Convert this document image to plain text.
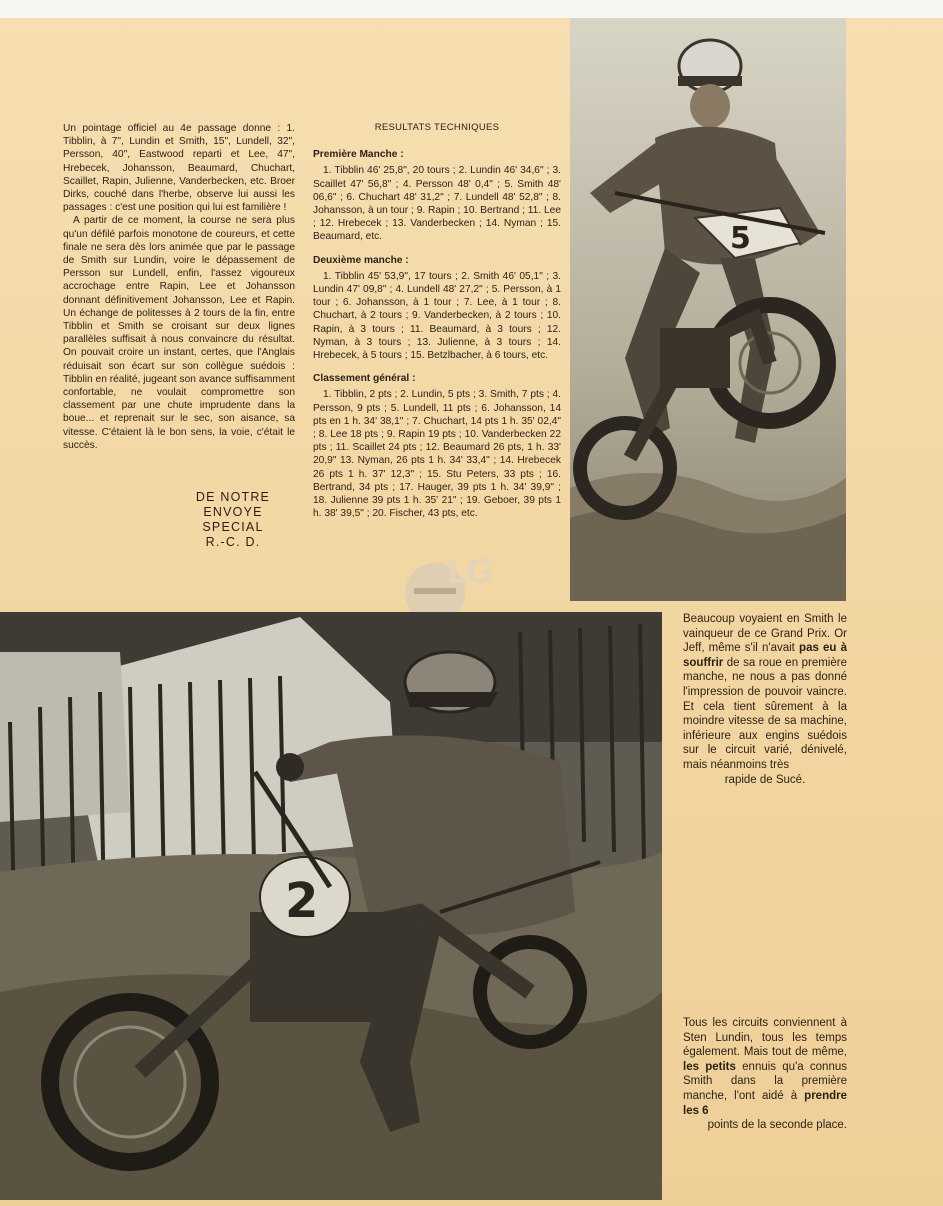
Un pointage officiel au 4e passage donne : 1. Tibblin, à 7", Lundin et Smith, 15", Lundell, 32", Persson, 40", Eastwood reparti et Lee, 47", Hrebecek, Johansson, Beaumard, Chuchart, Scaillet, Rapin, Julienne, Vanderbecken, etc. Broer Dirks, couché dans l'herbe, observe lui aussi les passages : c'est une position qui lui est familière !

A partir de ce moment, la course ne sera plus qu'un défilé parfois monotone de coureurs, et cette finale ne sera dès lors animée que par le passage de Smith sur Lundin, voire le dépassement de Persson sur Lundell, enfin, l'assez vigoureux accrochage entre Rapin, Lee et Johansson donnant définitivement Johansson, Lee et Rapin. Un échange de politesses à 2 tours de la fin, entre Tibblin et Smith se croisant sur deux lignes parallèles suffisait à nous convaincre du résultat. On pouvait croire un instant, certes, que l'Anglais réduisait son écart sur son collègue suédois : Tibblin en réalité, jugeant son avance suffisamment confortable, ne voulait compromettre son classement par une chute imprudente dans la boue... et reprenait sur le sec, son aisance, sa vitesse. C'étaient là le bon sens, la voie, c'était le succès.

DE NOTRE
ENVOYE
SPECIAL
R.-C. D.

RESULTATS TECHNIQUES

Première Manche :

1. Tibblin 46' 25,8", 20 tours ; 2. Lundin 46' 34,6" ; 3. Scaillet 47' 56,8" ; 4. Persson 48' 0,4" ; 5. Smith 48' 06,6" ; 6. Chuchart 48' 31,2" ; 7. Lundell 48' 52,8" ; 8. Johansson, à un tour ; 9. Rapin ; 10. Bertrand ; 11. Lee ; 12. Hrebecek ; 13. Vanderbecken ; 14. Nyman ; 15. Beaumard, etc.

Deuxième manche :

1. Tibblin 45' 53,9", 17 tours ; 2. Smith 46' 05,1" ; 3. Lundin 47' 09,8" ; 4. Lundell 48' 27,2" ; 5. Persson, à 1 tour ; 6. Johansson, à 1 tour ; 7. Lee, à 1 tour ; 8. Chuchart, à 2 tours ; 9. Vanderbecken, à 2 tours ; 10. Rapin, à 3 tours ; 11. Beaumard, à 3 tours ; 12. Nyman, à 3 tours ; 13. Julienne, à 3 tours ; 14. Hrebecek, à 5 tours ; 15. Betzlbacher, à 6 tours, etc.

Classement général :

1. Tibblin, 2 pts ; 2. Lundin, 5 pts ; 3. Smith, 7 pts ; 4. Persson, 9 pts ; 5. Lundell, 11 pts ; 6. Johansson, 14 pts en 1 h. 34' 38,1" ; 7. Chuchart, 14 pts 1 h. 35' 02,4" ; 8. Lee 18 pts ; 9. Rapin 19 pts ; 10. Vanderbecken 22 pts ; 11. Scaillet 24 pts ; 12. Beaumard 26 pts, 1 h. 33' 20,9" 13. Nyman, 26 pts 1 h. 34' 33,4" ; 14. Hrebecek 26 pts 1 h. 37' 12,3" ; 15. Stu Peters, 33 pts ; 16. Bertrand, 34 pts ; 17. Hauger, 39 pts 1 h. 34' 39,9" ; 18. Julienne 39 pts 1 h. 35' 21" ; 19. Geboer, 39 pts 1 h. 38' 39,5" ; 20. Fischer, 43 pts, etc.

5
LG
2
Beaucoup voyaient en Smith le vainqueur de ce Grand Prix. Or Jeff, même s'il n'avait pas eu à souffrir de sa roue en première manche, ne nous a pas donné l'impression de pouvoir vaincre. Et cela tient sûrement à la moindre vitesse de sa machine, inférieure aux engins suédois sur le circuit varié, dénivelé, mais néanmoins très
rapide de Sucé.
Tous les circuits conviennent à Sten Lundin, tous les temps également. Mais tout de même, les petits ennuis qu'a connus Smith dans la première manche, l'ont aidé à prendre les 6
points de la seconde place.
